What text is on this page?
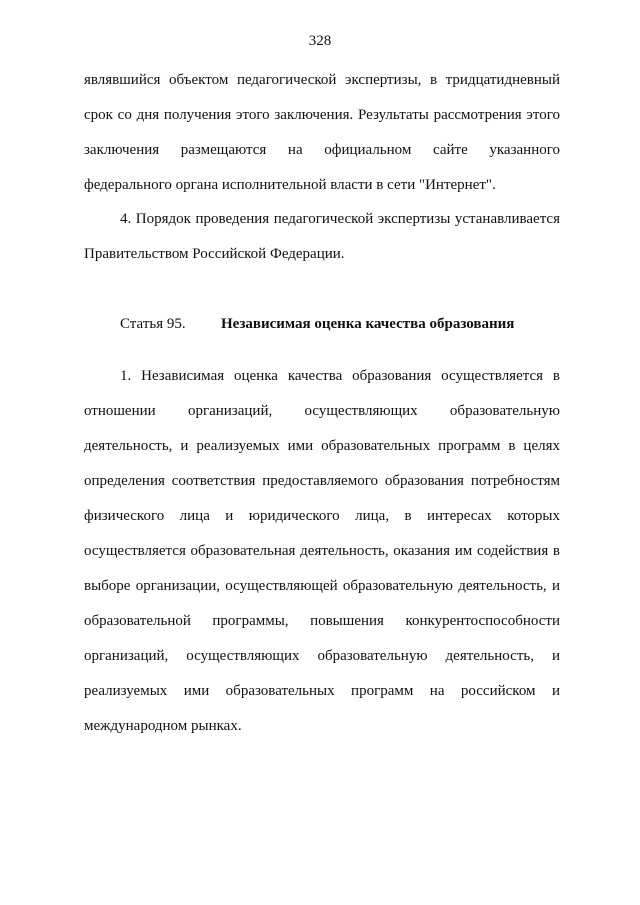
328
являвшийся объектом педагогической экспертизы, в тридцатидневный
срок со дня получения этого заключения. Результаты рассмотрения этого
заключения размещаются на официальном сайте указанного
федерального органа исполнительной власти в сети "Интернет".
4. Порядок проведения педагогической экспертизы устанавливается
Правительством Российской Федерации.
Статья 95. Независимая оценка качества образования
1. Независимая оценка качества образования осуществляется в
отношении организаций, осуществляющих образовательную
деятельность, и реализуемых ими образовательных программ в целях
определения соответствия предоставляемого образования потребностям
физического лица и юридического лица, в интересах которых
осуществляется образовательная деятельность, оказания им содействия в
выборе организации, осуществляющей образовательную деятельность, и
образовательной программы, повышения конкурентоспособности
организаций, осуществляющих образовательную деятельность, и
реализуемых ими образовательных программ на российском и
международном рынках.
